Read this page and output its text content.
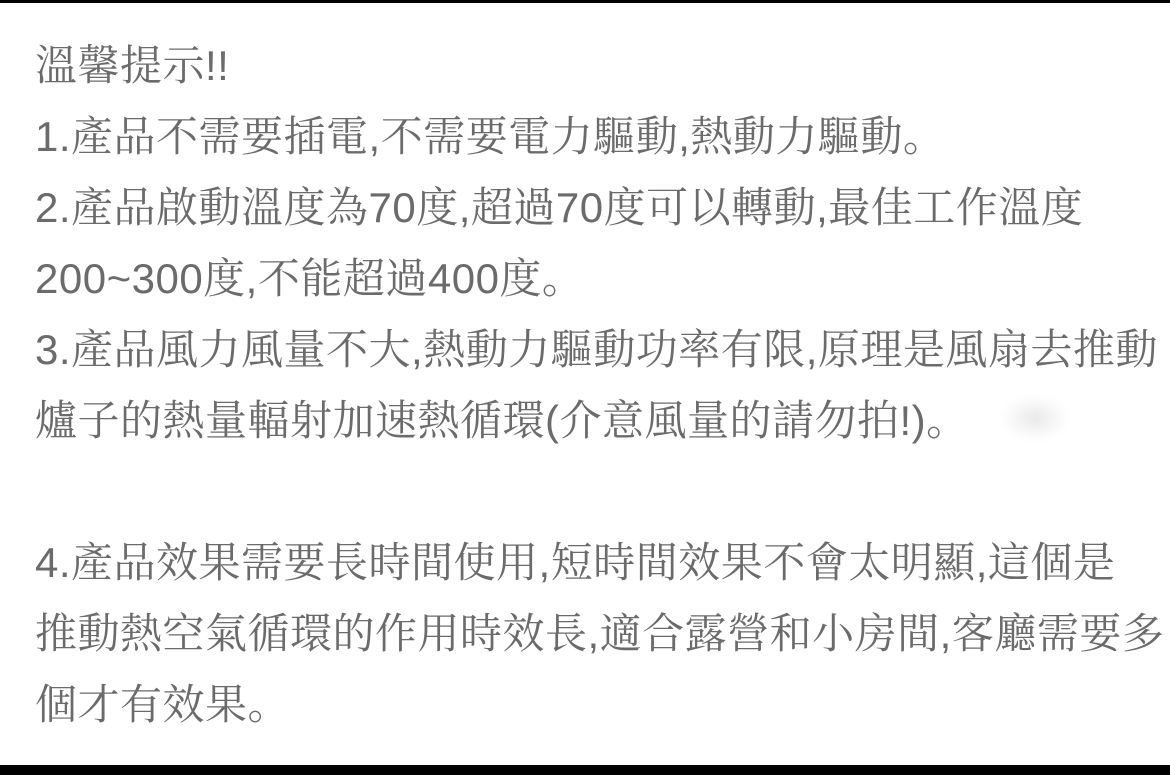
溫馨提示!!

1.產品不需要插電,不需要電力驅動,熱動力驅動。

2.產品啟動溫度為70度,超過70度可以轉動,最佳工作溫度

200~300度,不能超過400度。

3.產品風力風量不大,熱動力驅動功率有限,原理是風扇去推動

爐子的熱量輻射加速熱循環(介意風量的請勿拍!)。

4.產品效果需要長時間使用,短時間效果不會太明顯,這個是

推動熱空氣循環的作用時效長,適合露營和小房間,客廳需要多

個才有效果。
